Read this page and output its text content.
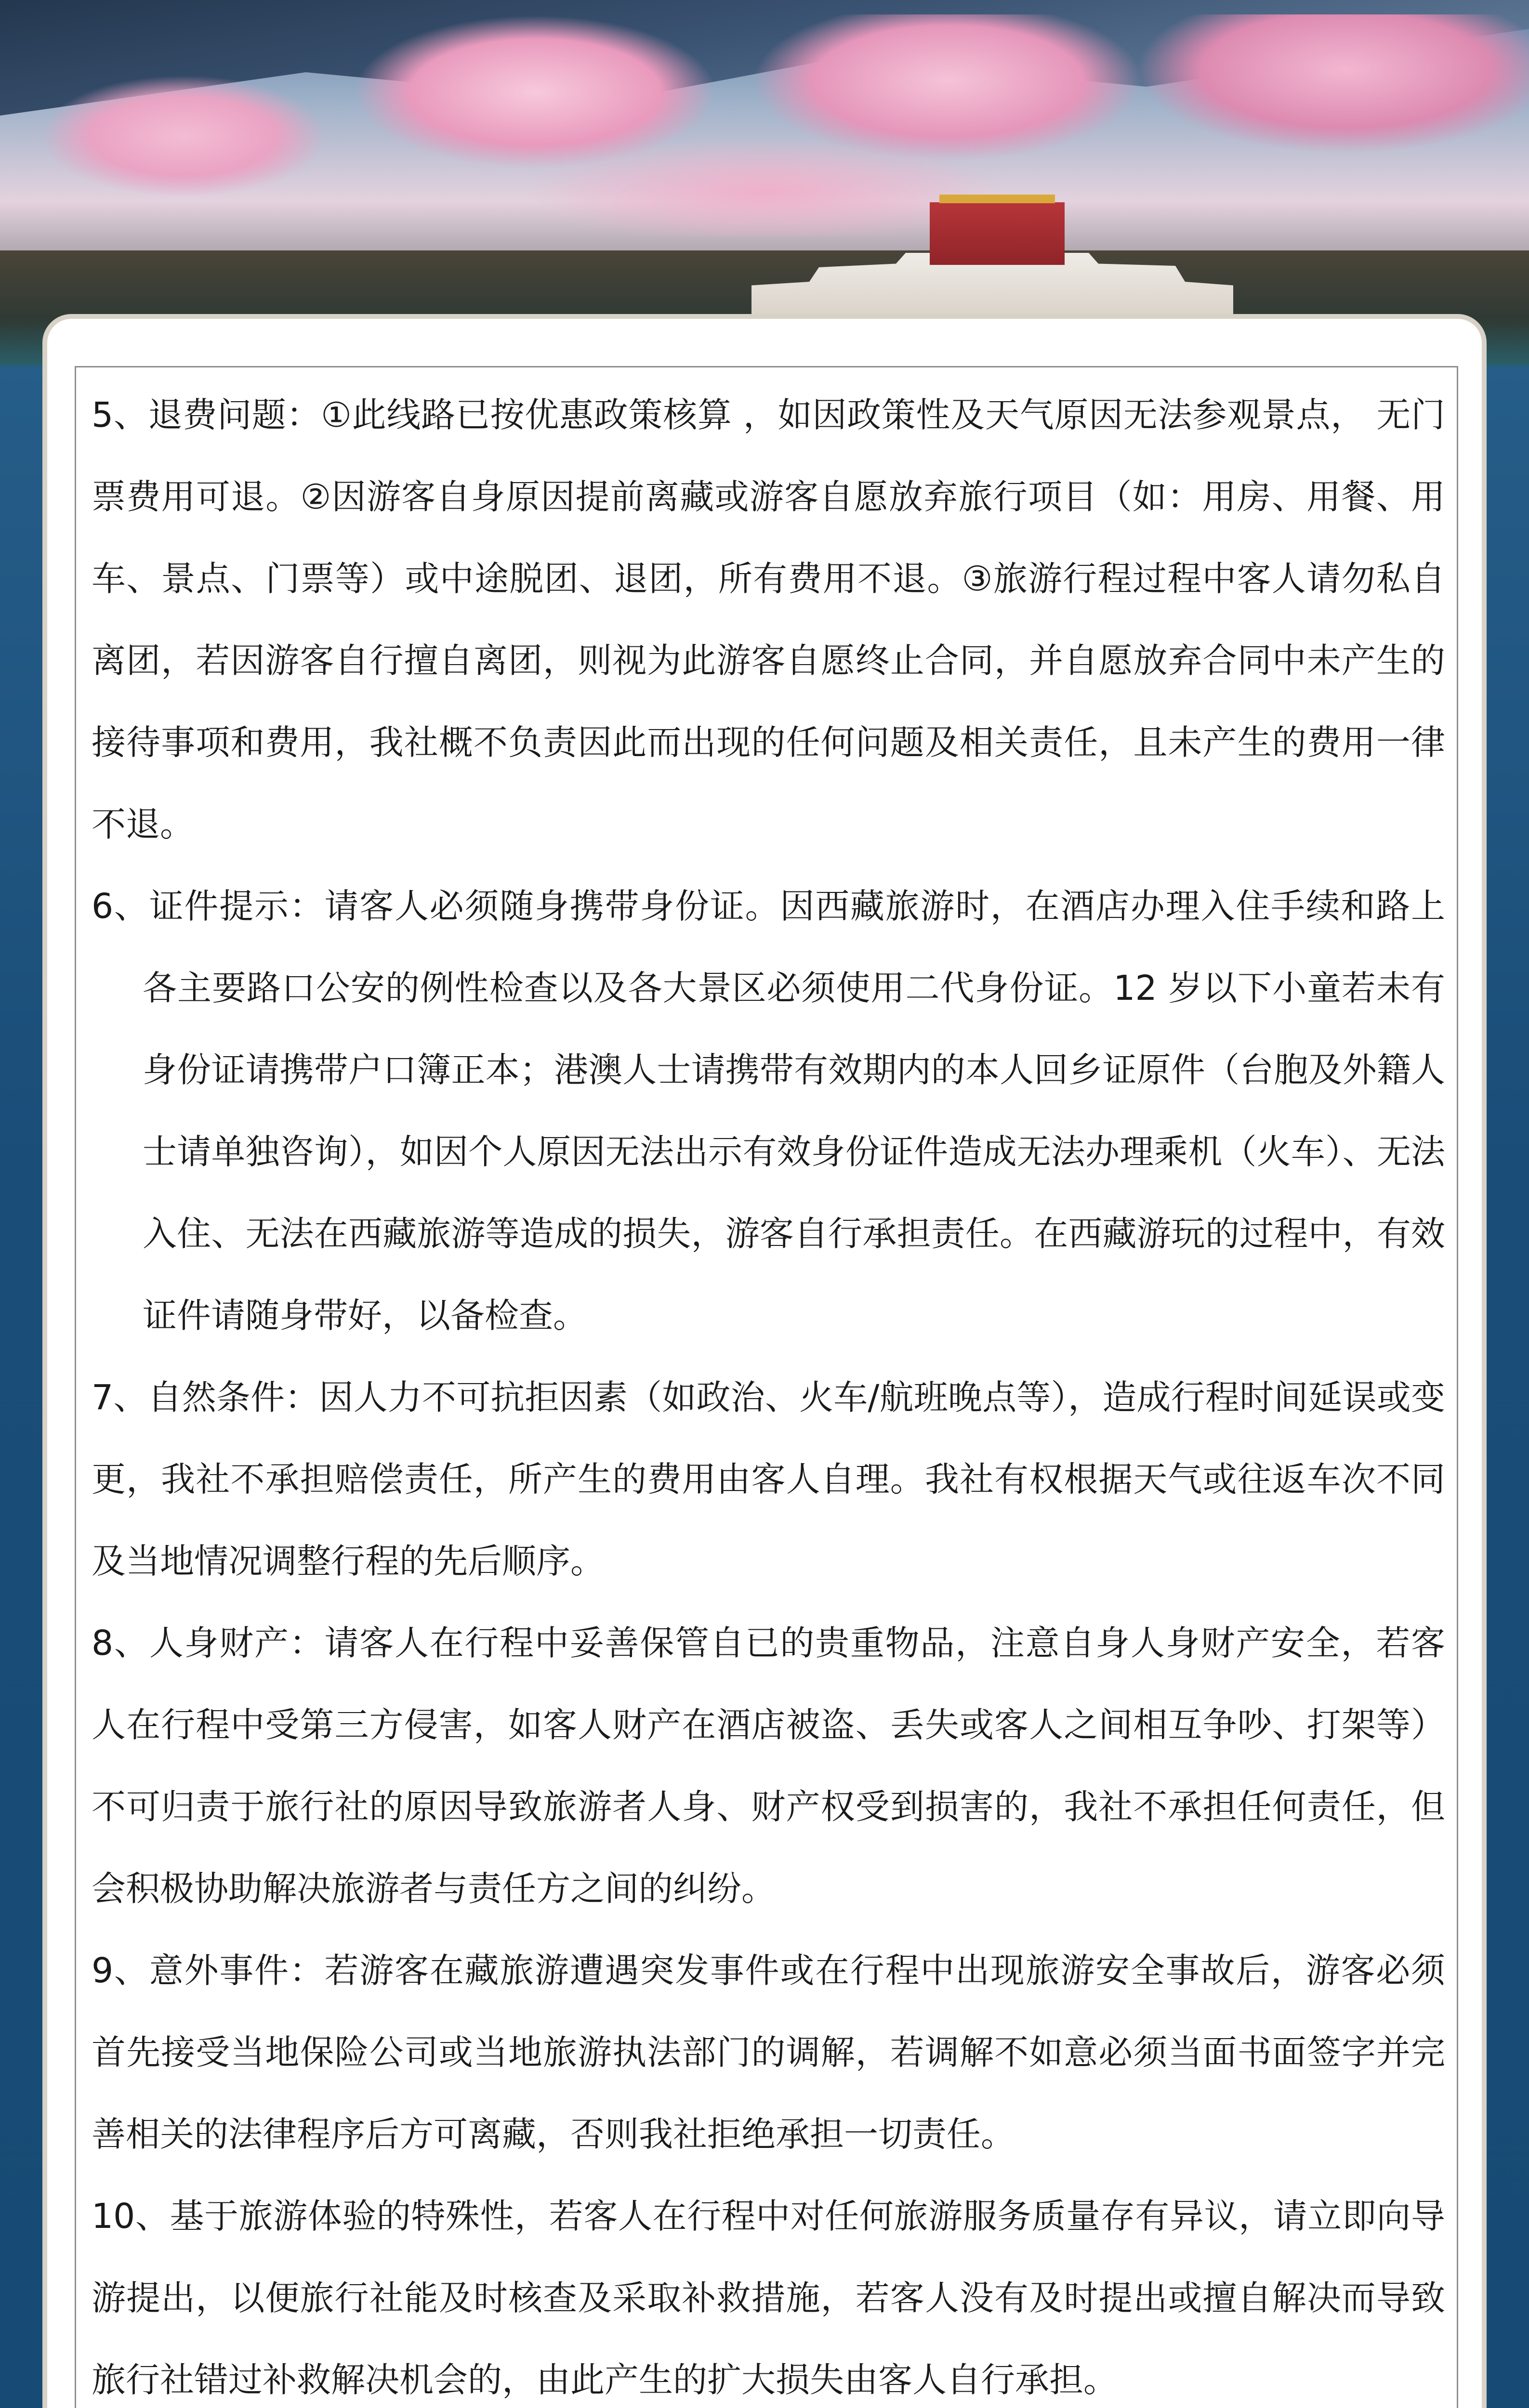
5、退费问题：①此线路已按优惠政策核算 ，如因政策性及天气原因无法参观景点， 无门票费用可退。②因游客自身原因提前离藏或游客自愿放弃旅行项目（如：用房、用餐、用车、景点、门票等）或中途脱团、退团，所有费用不退。③旅游行程过程中客人请勿私自离团，若因游客自行擅自离团，则视为此游客自愿终止合同，并自愿放弃合同中未产生的接待事项和费用，我社概不负责因此而出现的任何问题及相关责任，且未产生的费用一律不退。

6、证件提示：请客人必须随身携带身份证。因西藏旅游时，在酒店办理入住手续和路上各主要路口公安的例性检查以及各大景区必须使用二代身份证。12 岁以下小童若未有身份证请携带户口簿正本；港澳人士请携带有效期内的本人回乡证原件（台胞及外籍人士请单独咨询），如因个人原因无法出示有效身份证件造成无法办理乘机（火车）、无法入住、无法在西藏旅游等造成的损失，游客自行承担责任。在西藏游玩的过程中，有效证件请随身带好，以备检查。

7、自然条件：因人力不可抗拒因素（如政治、火车/航班晚点等），造成行程时间延误或变更，我社不承担赔偿责任，所产生的费用由客人自理。我社有权根据天气或往返车次不同及当地情况调整行程的先后顺序。

8、人身财产：请客人在行程中妥善保管自已的贵重物品，注意自身人身财产安全，若客人在行程中受第三方侵害，如客人财产在酒店被盗、丢失或客人之间相互争吵、打架等）不可归责于旅行社的原因导致旅游者人身、财产权受到损害的，我社不承担任何责任，但会积极协助解决旅游者与责任方之间的纠纷。

9、意外事件：若游客在藏旅游遭遇突发事件或在行程中出现旅游安全事故后，游客必须首先接受当地保险公司或当地旅游执法部门的调解，若调解不如意必须当面书面签字并完善相关的法律程序后方可离藏，否则我社拒绝承担一切责任。

10、基于旅游体验的特殊性，若客人在行程中对任何旅游服务质量存有异议，请立即向导游提出，以便旅行社能及时核查及采取补救措施，若客人没有及时提出或擅自解决而导致旅行社错过补救解决机会的，由此产生的扩大损失由客人自行承担。
